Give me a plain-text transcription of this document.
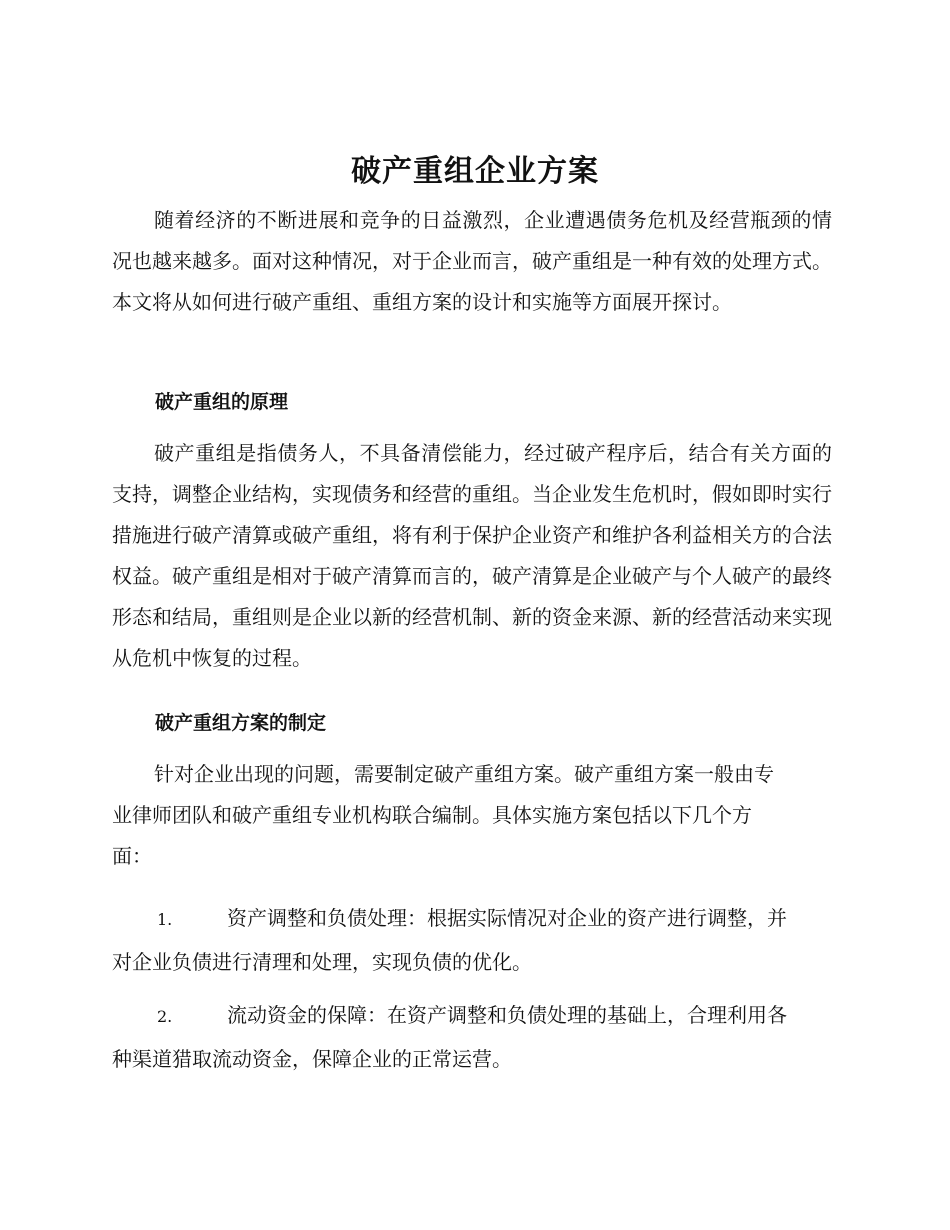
破产重组企业方案

随着经济的不断进展和竞争的日益激烈，企业遭遇债务危机及经营瓶颈的情况也越来越多。面对这种情况，对于企业而言，破产重组是一种有效的处理方式。本文将从如何进行破产重组、重组方案的设计和实施等方面展开探讨。

破产重组的原理

破产重组是指债务人，不具备清偿能力，经过破产程序后，结合有关方面的支持，调整企业结构，实现债务和经营的重组。当企业发生危机时，假如即时实行措施进行破产清算或破产重组，将有利于保护企业资产和维护各利益相关方的合法权益。破产重组是相对于破产清算而言的，破产清算是企业破产与个人破产的最终形态和结局，重组则是企业以新的经营机制、新的资金来源、新的经营活动来实现从危机中恢复的过程。

破产重组方案的制定
针对企业出现的问题，需要制定破产重组方案。破产重组方案一般由专
业律师团队和破产重组专业机构联合编制。具体实施方案包括以下几个方
面：
1.	资产调整和负债处理：根据实际情况对企业的资产进行调整，并
对企业负债进行清理和处理，实现负债的优化。
2.	流动资金的保障：在资产调整和负债处理的基础上，合理利用各
种渠道猎取流动资金，保障企业的正常运营。
